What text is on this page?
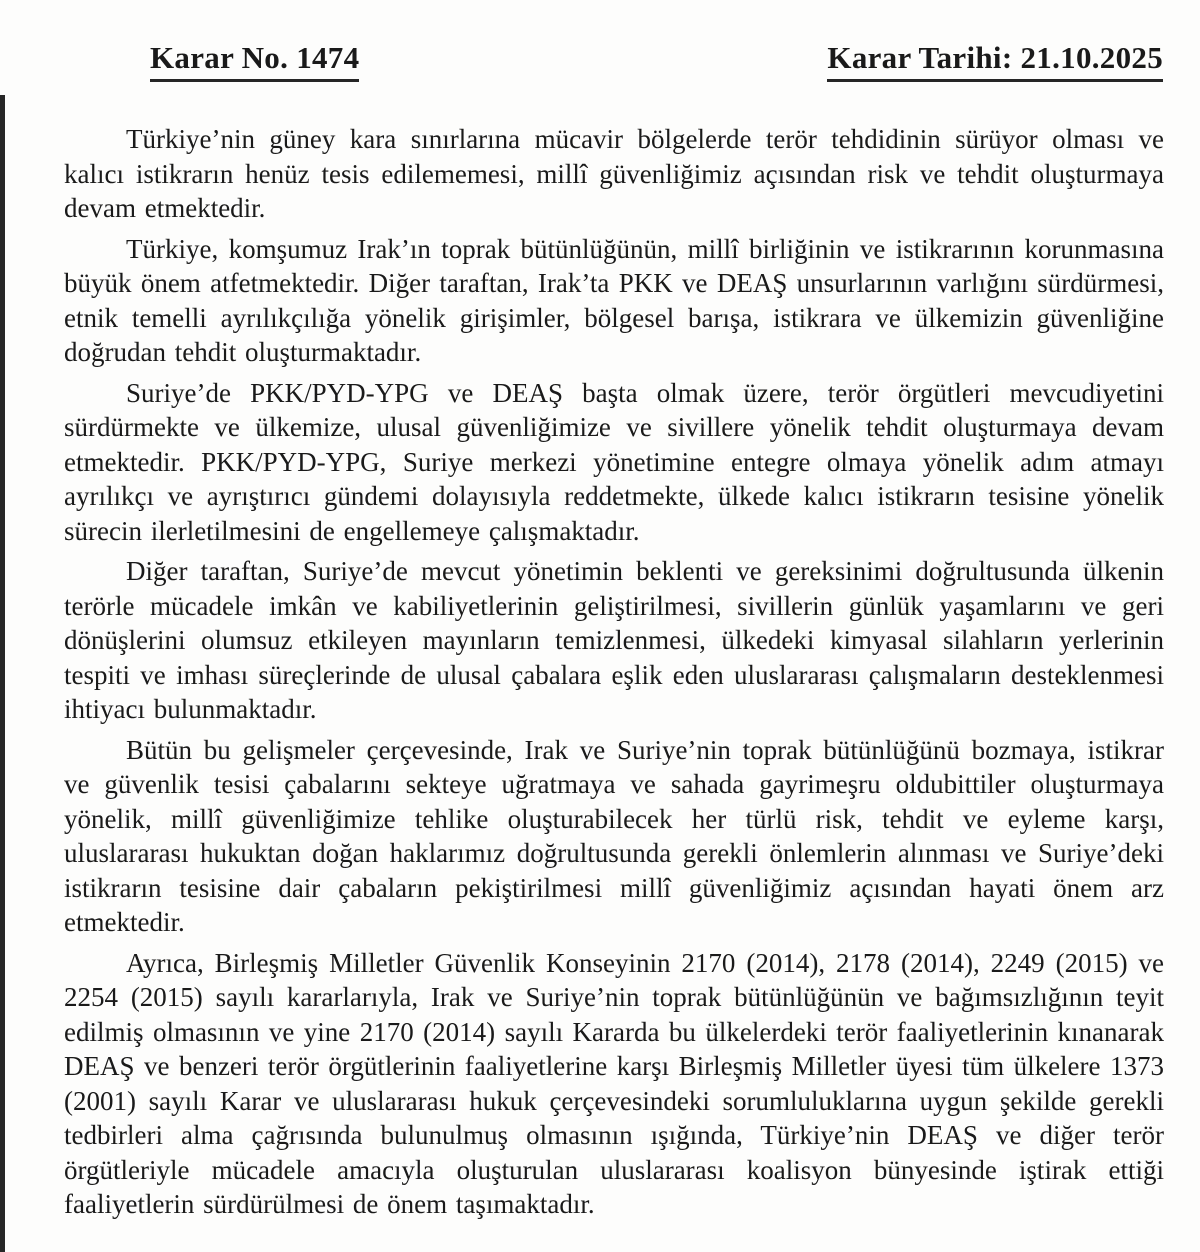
Karar No. 1474	Karar Tarihi: 21.10.2025

Türkiye’nin güney kara sınırlarına mücavir bölgelerde terör tehdidinin sürüyor olması ve kalıcı istikrarın henüz tesis edilememesi, millî güvenliğimiz açısından risk ve tehdit oluşturmaya devam etmektedir.

Türkiye, komşumuz Irak’ın toprak bütünlüğünün, millî birliğinin ve istikrarının korunmasına büyük önem atfetmektedir. Diğer taraftan, Irak’ta PKK ve DEAŞ unsurlarının varlığını sürdürmesi, etnik temelli ayrılıkçılığa yönelik girişimler, bölgesel barışa, istikrara ve ülkemizin güvenliğine doğrudan tehdit oluşturmaktadır.

Suriye’de PKK/PYD-YPG ve DEAŞ başta olmak üzere, terör örgütleri mevcudiyetini sürdürmekte ve ülkemize, ulusal güvenliğimize ve sivillere yönelik tehdit oluşturmaya devam etmektedir. PKK/PYD-YPG, Suriye merkezi yönetimine entegre olmaya yönelik adım atmayı ayrılıkçı ve ayrıştırıcı gündemi dolayısıyla reddetmekte, ülkede kalıcı istikrarın tesisine yönelik sürecin ilerletilmesini de engellemeye çalışmaktadır.

Diğer taraftan, Suriye’de mevcut yönetimin beklenti ve gereksinimi doğrultusunda ülkenin terörle mücadele imkân ve kabiliyetlerinin geliştirilmesi, sivillerin günlük yaşamlarını ve geri dönüşlerini olumsuz etkileyen mayınların temizlenmesi, ülkedeki kimyasal silahların yerlerinin tespiti ve imhası süreçlerinde de ulusal çabalara eşlik eden uluslararası çalışmaların desteklenmesi ihtiyacı bulunmaktadır.

Bütün bu gelişmeler çerçevesinde, Irak ve Suriye’nin toprak bütünlüğünü bozmaya, istikrar ve güvenlik tesisi çabalarını sekteye uğratmaya ve sahada gayrimeşru oldubittiler oluşturmaya yönelik, millî güvenliğimize tehlike oluşturabilecek her türlü risk, tehdit ve eyleme karşı, uluslararası hukuktan doğan haklarımız doğrultusunda gerekli önlemlerin alınması ve Suriye’deki istikrarın tesisine dair çabaların pekiştirilmesi millî güvenliğimiz açısından hayati önem arz etmektedir.

Ayrıca, Birleşmiş Milletler Güvenlik Konseyinin 2170 (2014), 2178 (2014), 2249 (2015) ve 2254 (2015) sayılı kararlarıyla, Irak ve Suriye’nin toprak bütünlüğünün ve bağımsızlığının teyit edilmiş olmasının ve yine 2170 (2014) sayılı Kararda bu ülkelerdeki terör faaliyetlerinin kınanarak DEAŞ ve benzeri terör örgütlerinin faaliyetlerine karşı Birleşmiş Milletler üyesi tüm ülkelere 1373 (2001) sayılı Karar ve uluslararası hukuk çerçevesindeki sorumluluklarına uygun şekilde gerekli tedbirleri alma çağrısında bulunulmuş olmasının ışığında, Türkiye’nin DEAŞ ve diğer terör örgütleriyle mücadele amacıyla oluşturulan uluslararası koalisyon bünyesinde iştirak ettiği faaliyetlerin sürdürülmesi de önem taşımaktadır.
